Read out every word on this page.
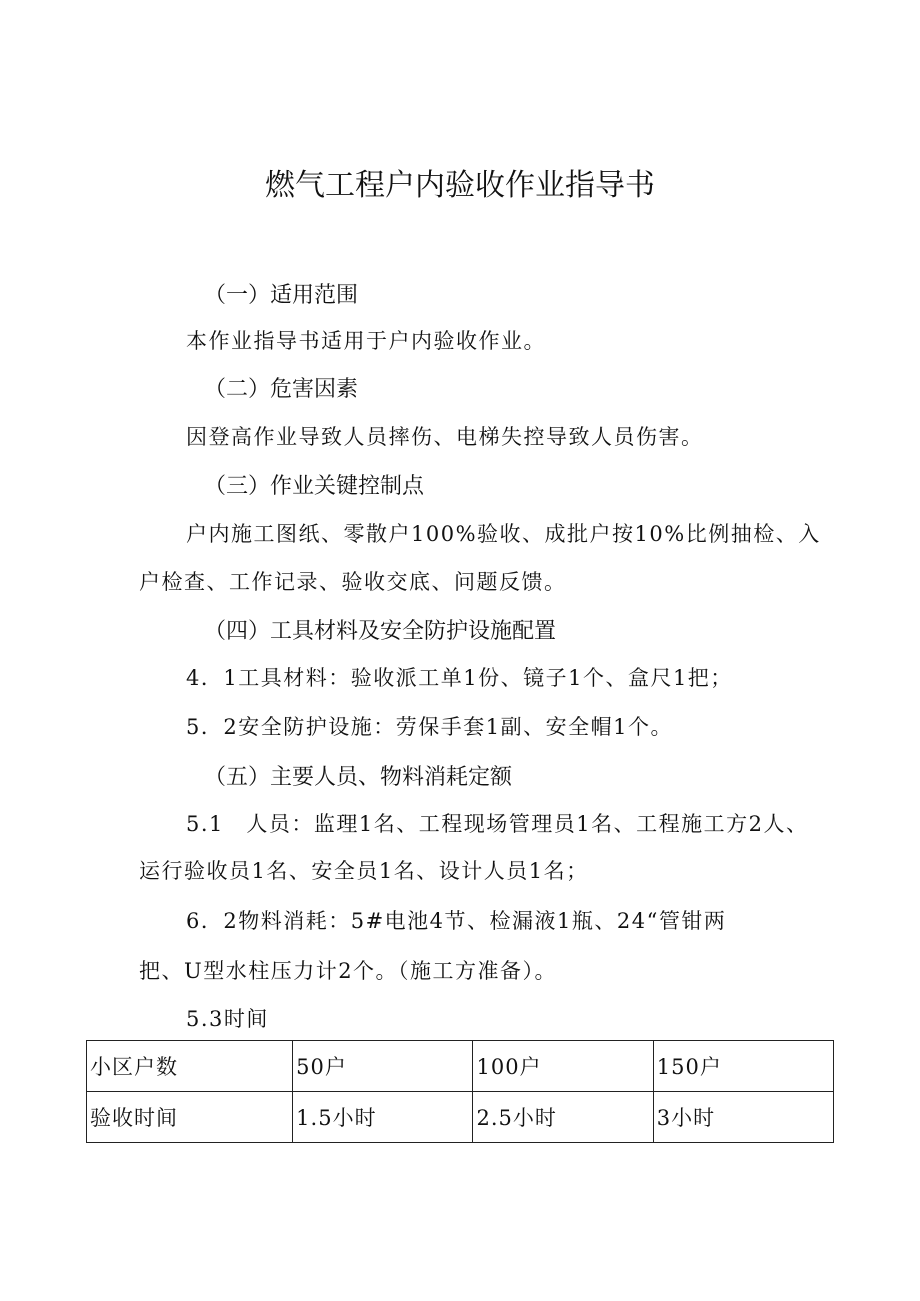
燃气工程户内验收作业指导书

（一）适用范围

本作业指导书适用于户内验收作业。

（二）危害因素

因登高作业导致人员摔伤、电梯失控导致人员伤害。

（三）作业关键控制点

户内施工图纸、零散户100%验收、成批户按10%比例抽检、入

户检查、工作记录、验收交底、问题反馈。

（四）工具材料及安全防护设施配置

4．1工具材料：验收派工单1份、镜子1个、盒尺1把；

5．2安全防护设施：劳保手套1副、安全帽1个。

（五）主要人员、物料消耗定额

5.1　人员：监理1名、工程现场管理员1名、工程施工方2人、

运行验收员1名、安全员1名、设计人员1名；

6．2物料消耗：5#电池4节、检漏液1瓶、24“管钳两

把、U型水柱压力计2个。（施工方准备）。

5.3时间

小区户数	50户	100户	150户
验收时间	1.5小时	2.5小时	3小时
